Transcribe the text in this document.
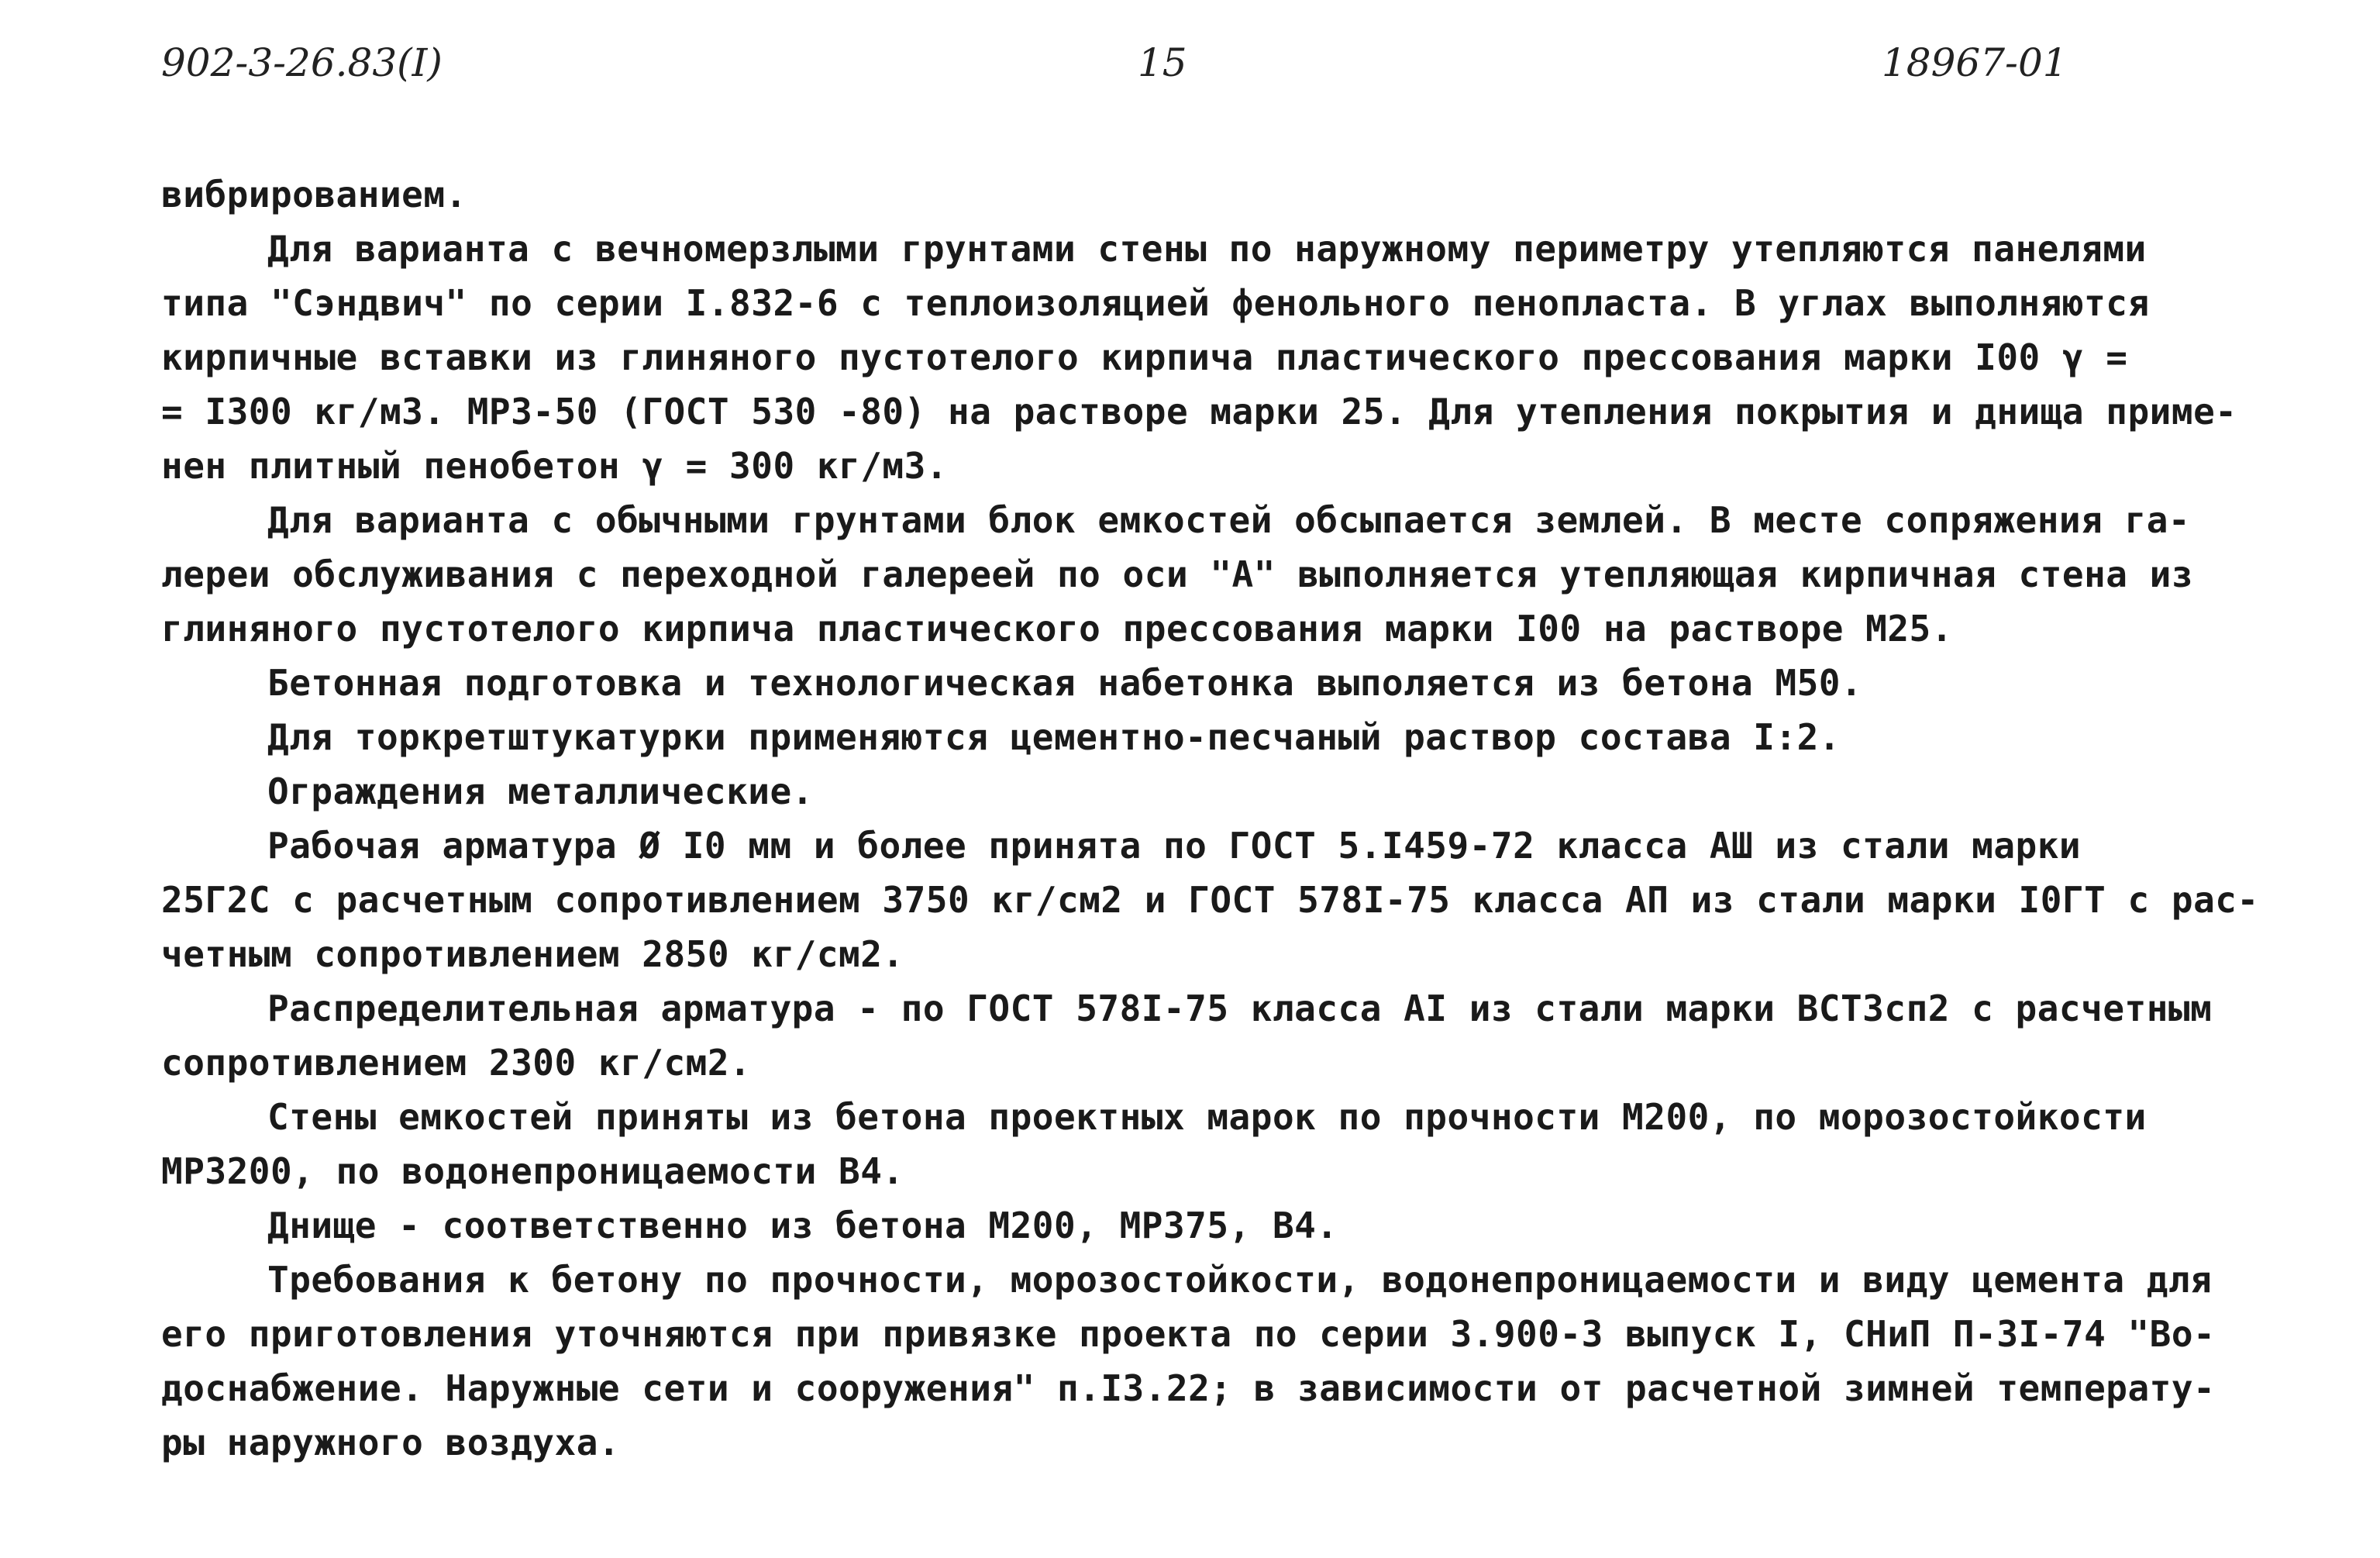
902-3-26.83(I)	15	18967-01
вибрированием.
Для варианта с вечномерзлыми грунтами стены по наружному периметру утепляются панелями
типа "Сэндвич" по серии I.832-6 с теплоизоляцией фенольного пенопласта. В углах выполняются
кирпичные вставки из глиняного пустотелого кирпича пластического прессования марки I00 γ =
= I300 кг/м3. МРЗ-50 (ГОСТ 530 -80) на растворе марки 25. Для утепления покрытия и днища приме-
нен плитный пенобетон γ = 300 кг/м3.
Для варианта с обычными грунтами блок емкостей обсыпается землей. В месте сопряжения га-
лереи обслуживания с переходной галереей по оси "А" выполняется утепляющая кирпичная стена из
глиняного пустотелого кирпича пластического прессования марки I00 на растворе М25.
Бетонная подготовка и технологическая набетонка выполяется из бетона М50.
Для торкретштукатурки применяются цементно-песчаный раствор состава I:2.
Ограждения металлические.
Рабочая арматура Ø I0 мм и более принята по ГОСТ 5.I459-72 класса АШ из стали марки
25Г2С с расчетным сопротивлением 3750 кг/см2 и ГОСТ 578I-75 класса АП из стали марки I0ГТ с рас-
четным сопротивлением 2850 кг/см2.
Распределительная арматура - по ГОСТ 578I-75 класса АI из стали марки ВСТ3сп2 с расчетным
сопротивлением 2300 кг/см2.
Стены емкостей приняты из бетона проектных марок по прочности М200, по морозостойкости
МРЗ200, по водонепроницаемости В4.
Днище - соответственно из бетона М200, МРЗ75, В4.
Требования к бетону по прочности, морозостойкости, водонепроницаемости и виду цемента для
его приготовления уточняются при привязке проекта по серии 3.900-3 выпуск I, СНиП П-3I-74 "Во-
доснабжение. Наружные сети и сооружения" п.I3.22; в зависимости от расчетной зимней температу-
ры наружного воздуха.
